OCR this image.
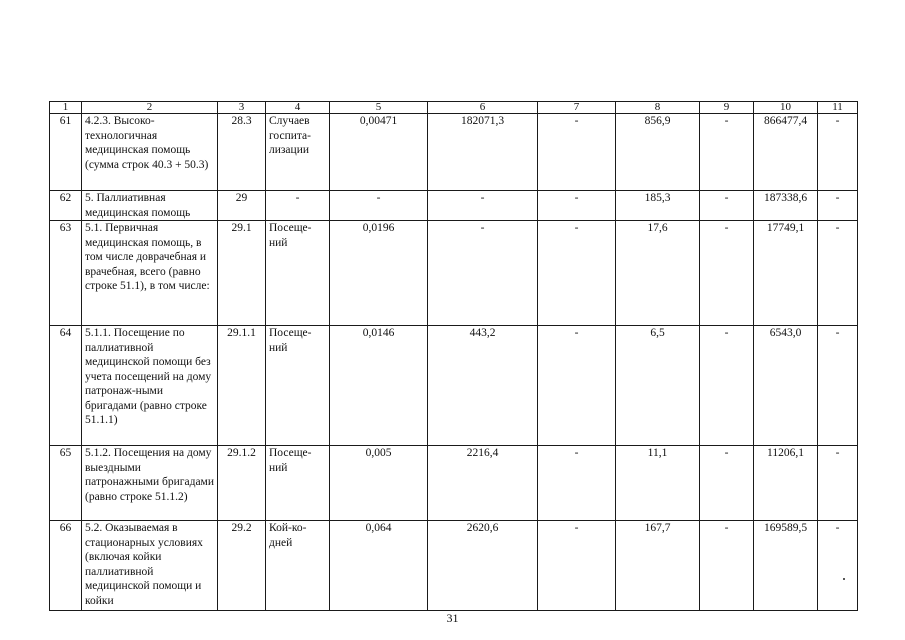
1	2	3	4	5	6	7	8	9	10	11
61	4.2.3. Высоко-технологичная медицинская помощь (сумма строк 40.3 + 50.3)	28.3	Случаев госпита-лизации	0,00471	182071,3	-	856,9	-	866477,4	-
62	5. Паллиативная медицинская помощь	29	-	-	-	-	185,3	-	187338,6	-
63	5.1. Первичная медицинская помощь, в том числе доврачебная и врачебная, всего (равно строке 51.1), в том числе:	29.1	Посеще-ний	0,0196	-	-	17,6	-	17749,1	-
64	5.1.1. Посещение по паллиативной медицинской помощи без учета посещений на дому патронаж-ными бригадами (равно строке 51.1.1)	29.1.1	Посеще-ний	0,0146	443,2	-	6,5	-	6543,0	-
65	5.1.2. Посещения на дому выездными патронажными бригадами (равно строке 51.1.2)	29.1.2	Посеще-ний	0,005	2216,4	-	11,1	-	11206,1	-
66	5.2. Оказываемая в стационарных условиях (включая койки паллиативной медицинской помощи и койки	29.2	Кой-ко-дней	0,064	2620,6	-	167,7	-	169589,5	-
31
